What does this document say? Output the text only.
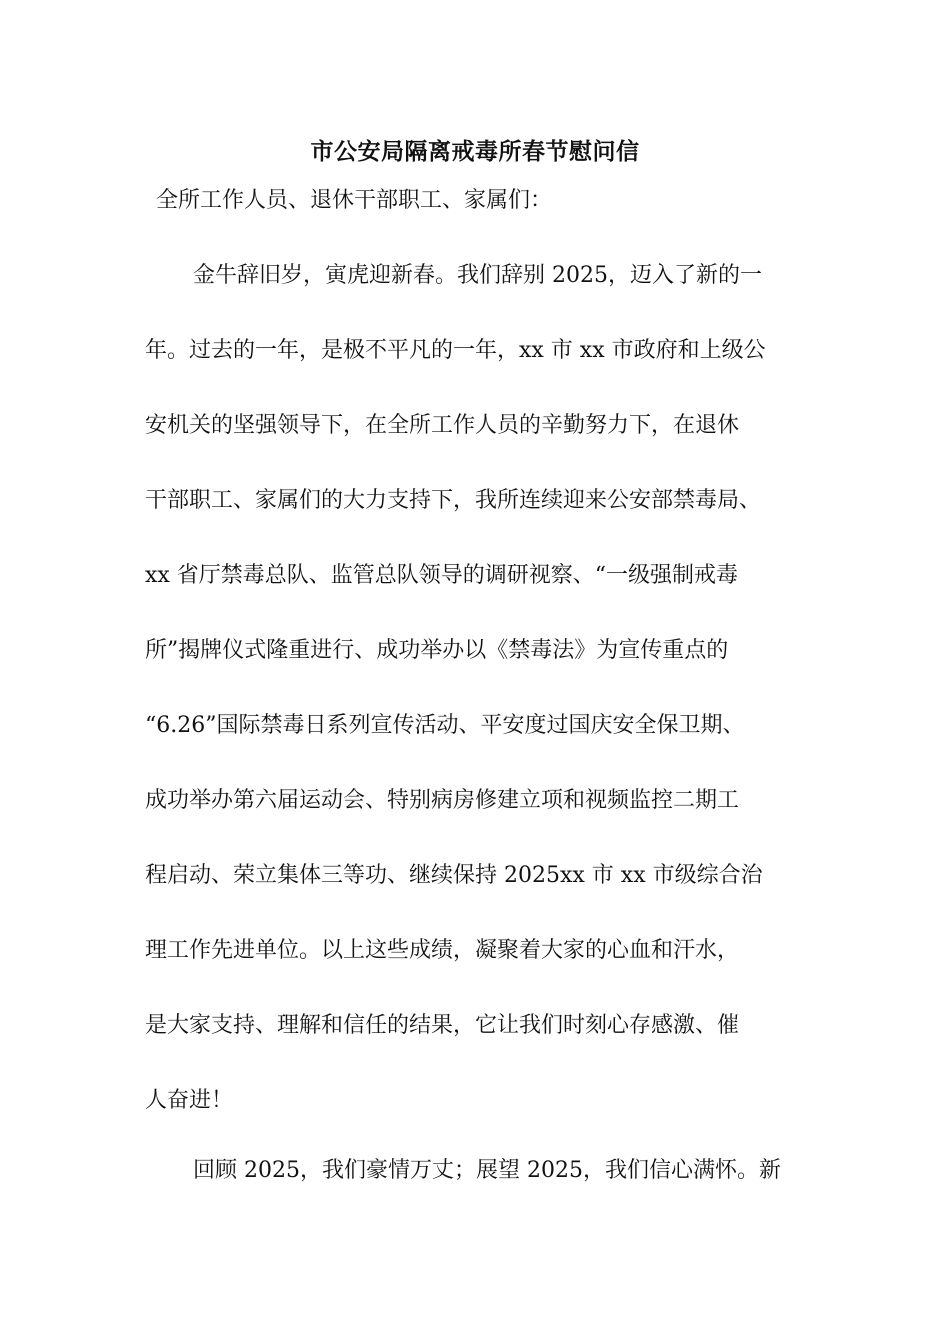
市公安局隔离戒毒所春节慰问信
全所工作人员、退休干部职工、家属们：
金牛辞旧岁，寅虎迎新春。我们辞别 2025，迈入了新的一
年。过去的一年，是极不平凡的一年，xx 市 xx 市政府和上级公
安机关的坚强领导下，在全所工作人员的辛勤努力下，在退休
干部职工、家属们的大力支持下，我所连续迎来公安部禁毒局、
xx 省厅禁毒总队、监管总队领导的调研视察、“一级强制戒毒
所”揭牌仪式隆重进行、成功举办以《禁毒法》为宣传重点的
“6.26”国际禁毒日系列宣传活动、平安度过国庆安全保卫期、
成功举办第六届运动会、特别病房修建立项和视频监控二期工
程启动、荣立集体三等功、继续保持 2025xx 市 xx 市级综合治
理工作先进单位。以上这些成绩，凝聚着大家的心血和汗水，
是大家支持、理解和信任的结果，它让我们时刻心存感激、催
人奋进！
回顾 2025，我们豪情万丈；展望 2025，我们信心满怀。新
